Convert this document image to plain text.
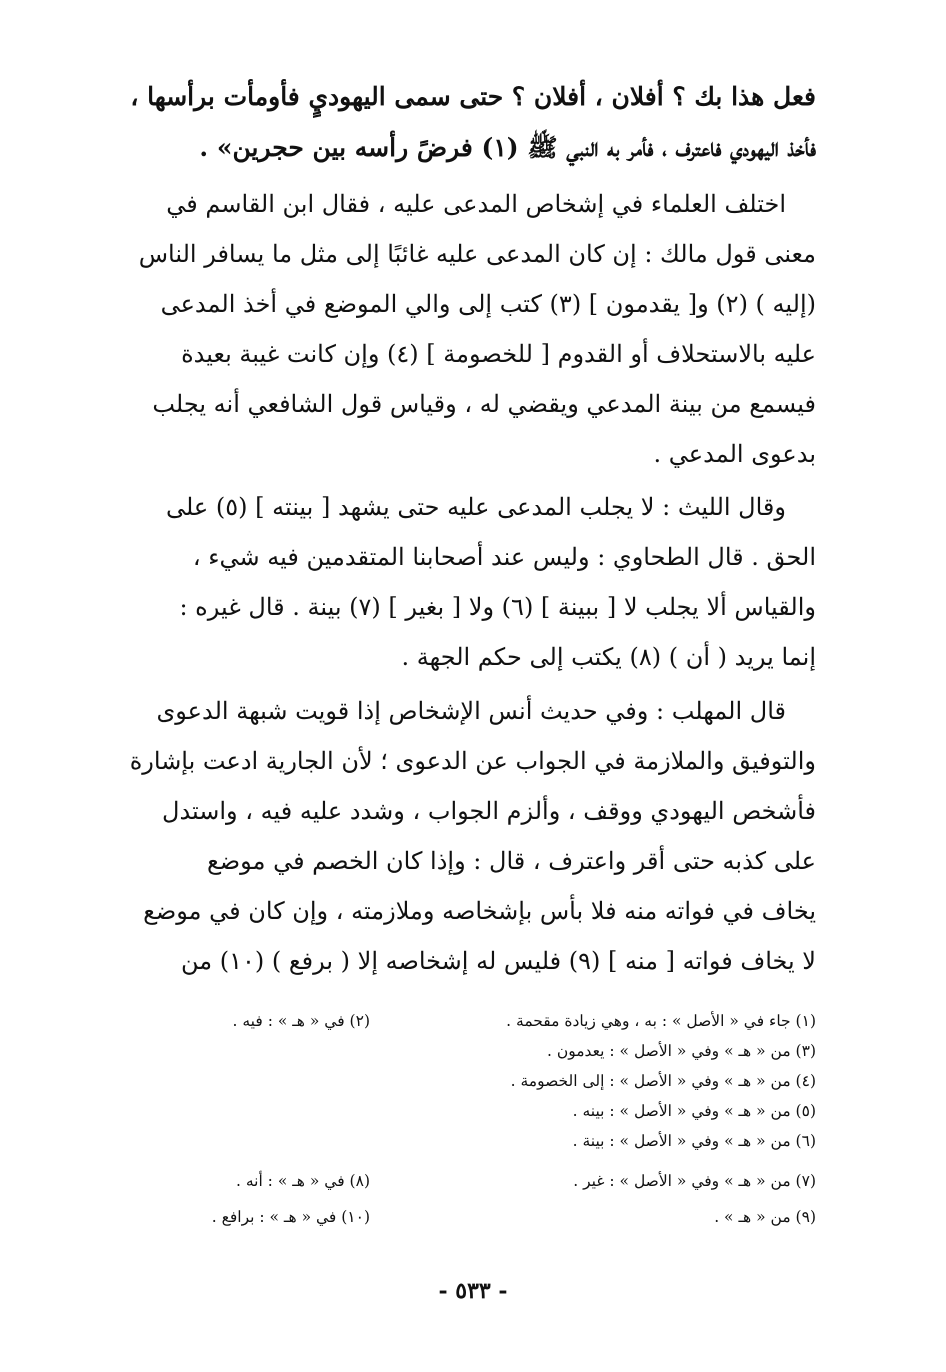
فعل هذا بك ؟ أفلان ، أفلان ؟ حتى سمى اليهوديٍ فأومأت برأسها ،
فأخذ اليهودي فاعترف ، فأمر به النبي ﷺ (١) فرضً رأسه بين حجرين» .
اختلف العلماء في إشخاص المدعى عليه ، فقال ابن القاسم في
معنى قول مالك : إن كان المدعى عليه غائبًا إلى مثل ما يسافر الناس
(إليه ) (٢) و[ يقدمون ] (٣) كتب إلى والي الموضع في أخذ المدعى
عليه بالاستحلاف أو القدوم [ للخصومة ] (٤) وإن كانت غيبة بعيدة
فيسمع من بينة المدعي ويقضي له ، وقياس قول الشافعي أنه يجلب
بدعوى المدعي .
وقال الليث : لا يجلب المدعى عليه حتى يشهد [ بينته ] (٥) على
الحق . قال الطحاوي : وليس عند أصحابنا المتقدمين فيه شيء ،
والقياس ألا يجلب لا [ ببينة ] (٦) ولا [ بغير ] (٧) بينة . قال غيره :
إنما يريد ( أن ) (٨) يكتب إلى حكم الجهة .
قال المهلب : وفي حديث أنس الإشخاص إذا قويت شبهة الدعوى
والتوفيق والملازمة في الجواب عن الدعوى ؛ لأن الجارية ادعت بإشارة
فأشخص اليهودي ووقف ، وألزم الجواب ، وشدد عليه فيه ، واستدل
على كذبه حتى أقر واعترف ، قال : وإذا كان الخصم في موضع
يخاف في فواته منه فلا بأس بإشخاصه وملازمته ، وإن كان في موضع
لا يخاف فواته [ منه ] (٩) فليس له إشخاصه إلا ( برفع ) (١٠) من
(١) جاء في « الأصل » : به ، وهي زيادة مقحمة .
(٢) في « هـ » : فيه .
(٣) من « هـ » وفي « الأصل » : يعدمون .
(٤) من « هـ » وفي « الأصل » : إلى الخصومة .
(٥) من « هـ » وفي « الأصل » : بينه .
(٦) من « هـ » وفي « الأصل » : بينة .
(٧) من « هـ » وفي « الأصل » : غير .
(٨) في « هـ » : أنه .
(٩) من « هـ » .
(١٠) في « هـ » : برافع .
- ٥٣٣ -
